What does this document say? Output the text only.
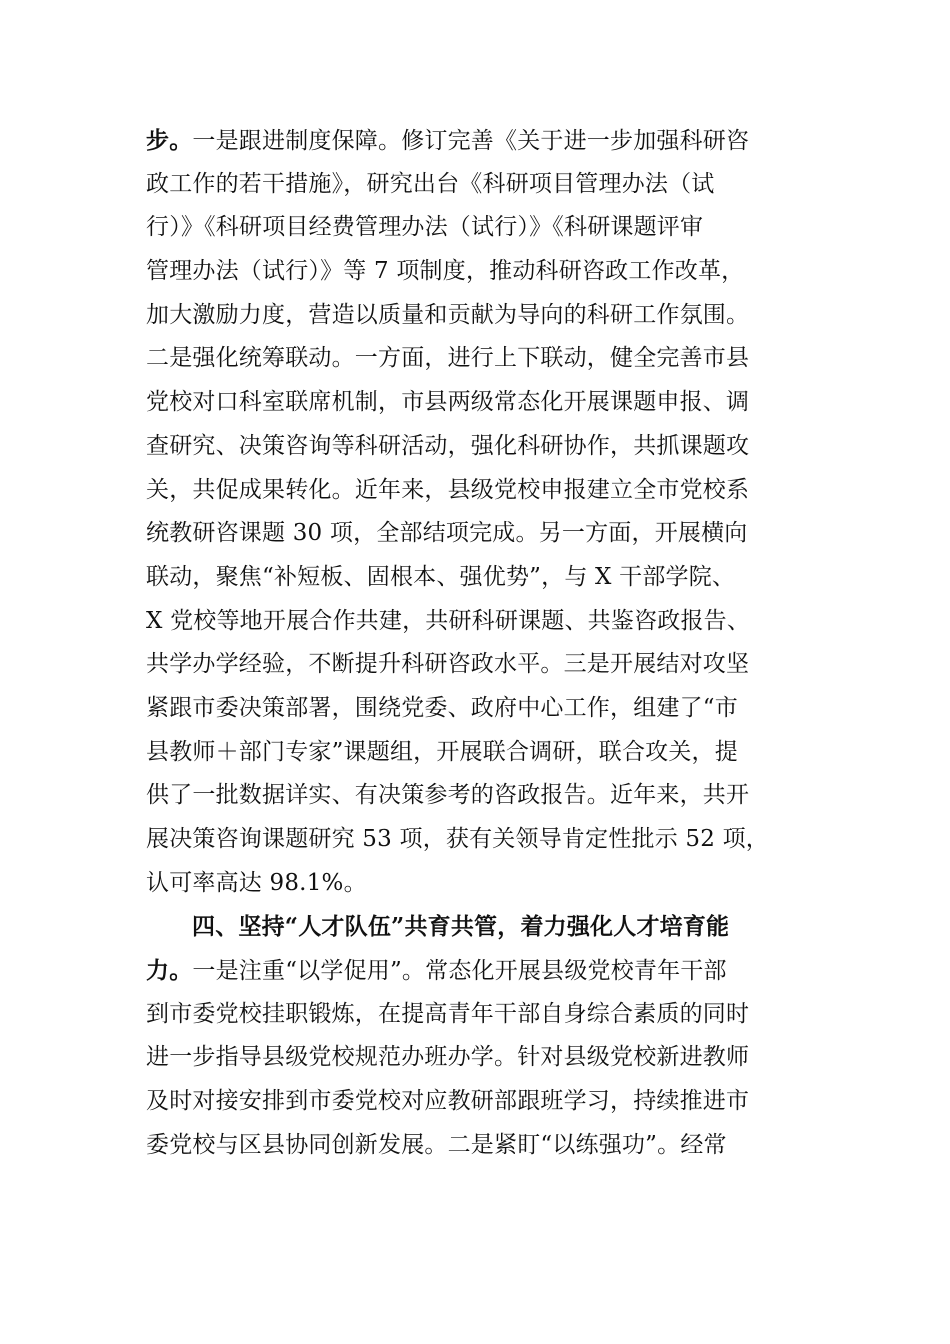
步。一是跟进制度保障。修订完善《关于进一步加强科研咨
政工作的若干措施》，研究出台《科研项目管理办法（试
行）》《科研项目经费管理办法（试行）》《科研课题评审
管理办法（试行）》等 7 项制度，推动科研咨政工作改革，
加大激励力度，营造以质量和贡献为导向的科研工作氛围。
二是强化统筹联动。一方面，进行上下联动，健全完善市县
党校对口科室联席机制，市县两级常态化开展课题申报、调
查研究、决策咨询等科研活动，强化科研协作，共抓课题攻
关，共促成果转化。近年来，县级党校申报建立全市党校系
统教研咨课题 30 项，全部结项完成。另一方面，开展横向
联动，聚焦“补短板、固根本、强优势”，与 X 干部学院、
X 党校等地开展合作共建，共研科研课题、共鉴咨政报告、
共学办学经验，不断提升科研咨政水平。三是开展结对攻坚
紧跟市委决策部署，围绕党委、政府中心工作，组建了“市
县教师＋部门专家”课题组，开展联合调研，联合攻关，提
供了一批数据详实、有决策参考的咨政报告。近年来，共开
展决策咨询课题研究 53 项，获有关领导肯定性批示 52 项，
认可率高达 98.1%。
四、坚持“人才队伍”共育共管，着力强化人才培育能
力。一是注重“以学促用”。常态化开展县级党校青年干部
到市委党校挂职锻炼，在提高青年干部自身综合素质的同时
进一步指导县级党校规范办班办学。针对县级党校新进教师
及时对接安排到市委党校对应教研部跟班学习，持续推进市
委党校与区县协同创新发展。二是紧盯“以练强功”。经常
